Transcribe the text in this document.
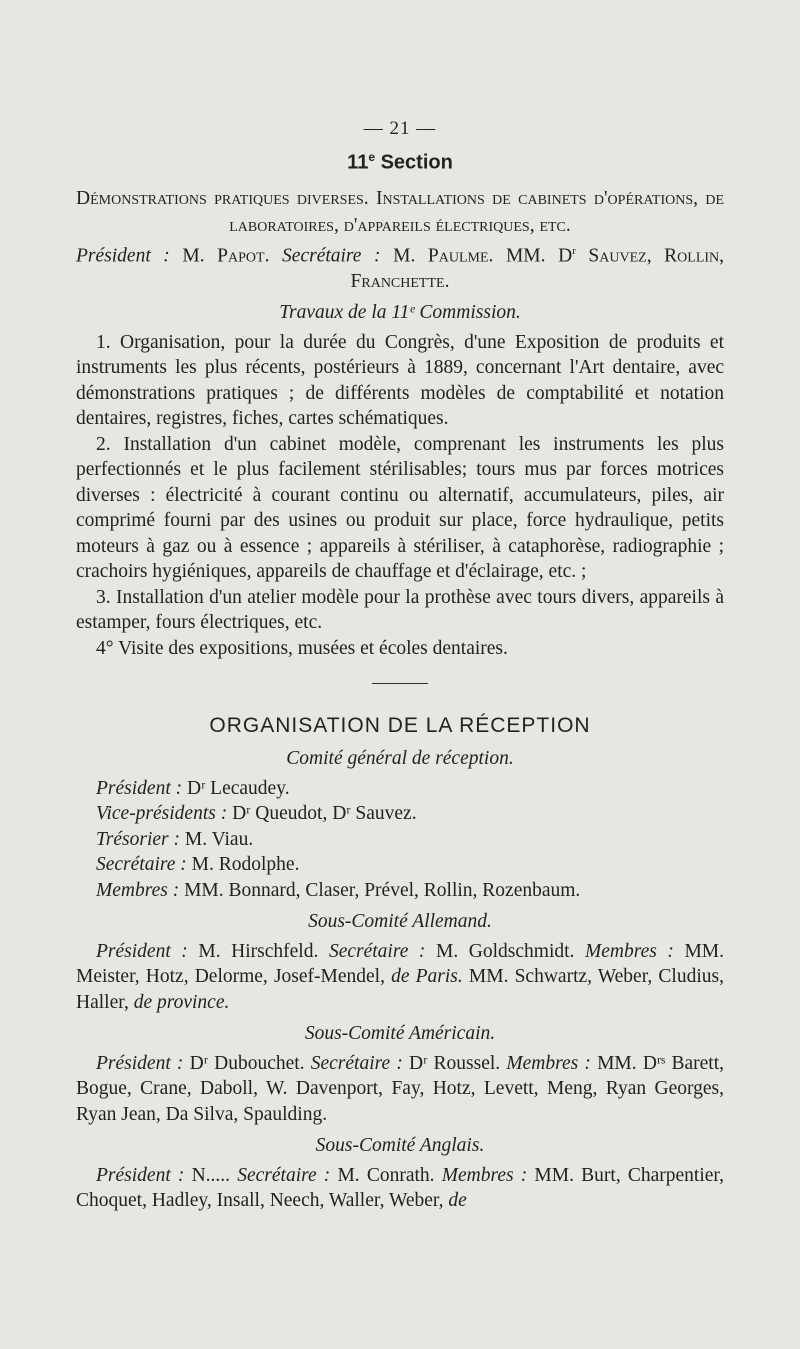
— 21 —
11e Section

Démonstrations pratiques diverses. Installations de cabinets d'opérations, de laboratoires, d'appareils électriques, etc.

Président : M. Papot. Secrétaire : M. Paulme. MM. $D^r$ Sauvez, Rollin, Franchette.

Travaux de la 11ᵉ Commission.

1. Organisation, pour la durée du Congrès, d'une Exposition de produits et instruments les plus récents, postérieurs à 1889, concernant l'Art dentaire, avec démonstrations pratiques ; de différents modèles de comptabilité et notation dentaires, registres, fiches, cartes schématiques.

2. Installation d'un cabinet modèle, comprenant les instruments les plus perfectionnés et le plus facilement stérilisables; tours mus par forces motrices diverses : électricité à courant continu ou alternatif, accumulateurs, piles, air comprimé fourni par des usines ou produit sur place, force hydraulique, petits moteurs à gaz ou à essence ; appareils à stériliser, à cataphorèse, radiographie ; crachoirs hygiéniques, appareils de chauffage et d'éclairage, etc. ;

3. Installation d'un atelier modèle pour la prothèse avec tours divers, appareils à estamper, fours électriques, etc.

4° Visite des expositions, musées et écoles dentaires.

ORGANISATION DE LA RÉCEPTION
Comité général de réception.

Président : Dʳ Lecaudey.

Vice-présidents : Dʳ Queudot, Dʳ Sauvez.

Trésorier : M. Viau.

Secrétaire : M. Rodolphe.

Membres : MM. Bonnard, Claser, Prével, Rollin, Rozenbaum.

Sous-Comité Allemand.

Président : M. Hirschfeld. Secrétaire : M. Goldschmidt. Membres : MM. Meister, Hotz, Delorme, Josef-Mendel, de Paris. MM. Schwartz, Weber, Cludius, Haller, de province.

Sous-Comité Américain.

Président : Dʳ Dubouchet. Secrétaire : Dʳ Roussel. Membres : MM. Dʳˢ Barett, Bogue, Crane, Daboll, W. Davenport, Fay, Hotz, Levett, Meng, Ryan Georges, Ryan Jean, Da Silva, Spaulding.

Sous-Comité Anglais.

Président : N..... Secrétaire : M. Conrath. Membres : MM. Burt, Charpentier, Choquet, Hadley, Insall, Neech, Waller, Weber, de
